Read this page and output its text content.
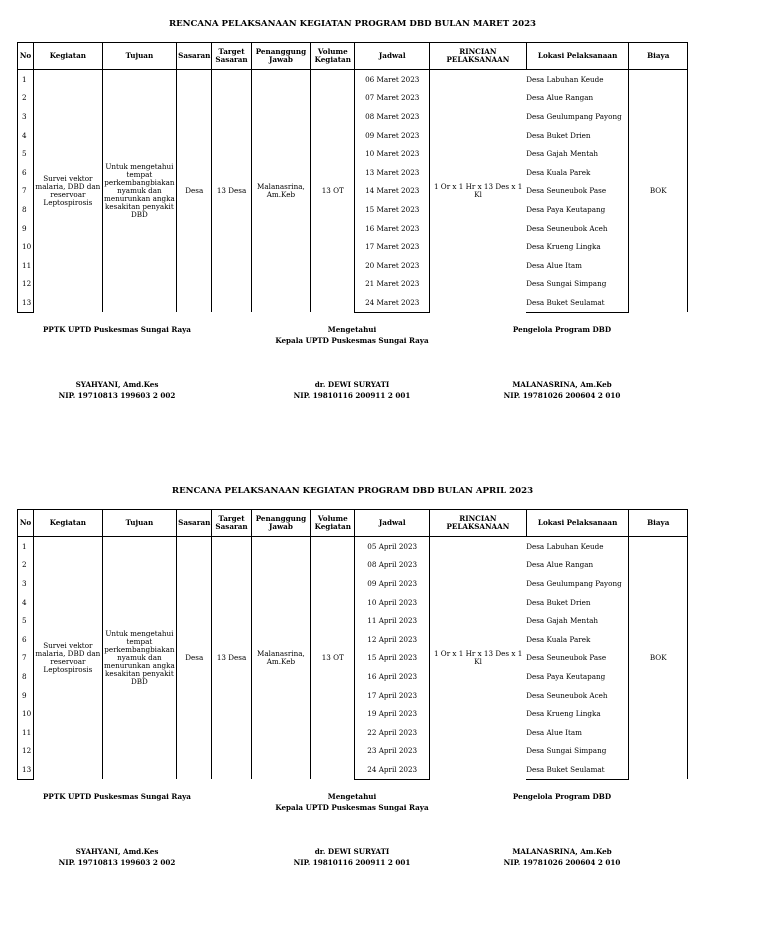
RENCANA PELAKSANAAN KEGIATAN PROGRAM DBD BULAN MARET 2023
No	Kegiatan	Tujuan	Sasaran	Target Sasaran	Penanggung Jawab	Volume Kegiatan	Jadwal	RINCIAN PELAKSANAAN	Lokasi Pelaksanaan	Biaya
1	Survei vektor malaria, DBD dan reservoar Leptospirosis	Untuk mengetahui tempat perkembangbiakan nyamuk dan menurunkan angka kesakitan penyakit DBD	Desa	13 Desa	Malanasrina, Am.Keb	13 OT	06 Maret 2023	1 Or x 1 Hr x 13 Des x 1 Kl	Desa Labuhan Keude	BOK
2							07 Maret 2023		Desa Alue Rangan	
3							08 Maret 2023		Desa Geulumpang Payong	
4							09 Maret 2023		Desa Buket Drien	
5							10 Maret 2023		Desa Gajah Mentah	
6							13 Maret 2023		Desa Kuala Parek	
7							14 Maret 2023		Desa Seuneubok Pase	
8							15 Maret 2023		Desa Paya Keutapang	
9							16 Maret 2023		Desa Seuneubok Aceh	
10							17 Maret 2023		Desa Krueng Lingka	
11							20 Maret 2023		Desa Alue Itam	
12							21 Maret 2023		Desa Sungai Simpang	
13							24 Maret 2023		Desa Buket Seulamat	
PPTK UPTD Puskesmas Sungai Raya	Mengetahui
Kepala UPTD Puskesmas Sungai Raya
Pengelola Program DBD
SYAHYANI, Amd.Kes
NIP. 19710813 199603 2 002
dr. DEWI SURYATI
NIP. 19810116 200911 2 001
MALANASRINA, Am.Keb
NIP. 19781026 200604 2 010
RENCANA PELAKSANAAN KEGIATAN PROGRAM DBD BULAN APRIL 2023
No	Kegiatan	Tujuan	Sasaran	Target Sasaran	Penanggung Jawab	Volume Kegiatan	Jadwal	RINCIAN PELAKSANAAN	Lokasi Pelaksanaan	Biaya
1	Survei vektor malaria, DBD dan reservoar Leptospirosis	Untuk mengetahui tempat perkembangbiakan nyamuk dan menurunkan angka kesakitan penyakit DBD	Desa	13 Desa	Malanasrina, Am.Keb	13 OT	05 April 2023	1 Or x 1 Hr x 13 Des x 1 Kl	Desa Labuhan Keude	BOK
2							08 April 2023		Desa Alue Rangan	
3							09 April 2023		Desa Geulumpang Payong	
4							10 April 2023		Desa Buket Drien	
5							11 April 2023		Desa Gajah Mentah	
6							12 April 2023		Desa Kuala Parek	
7							15 April 2023		Desa Seuneubok Pase	
8							16 April 2023		Desa Paya Keutapang	
9							17 April 2023		Desa Seuneubok Aceh	
10							19 April 2023		Desa Krueng Lingka	
11							22 April 2023		Desa Alue Itam	
12							23 April 2023		Desa Sungai Simpang	
13							24 April 2023		Desa Buket Seulamat	
PPTK UPTD Puskesmas Sungai Raya	Mengetahui
Kepala UPTD Puskesmas Sungai Raya
Pengelola Program DBD
SYAHYANI, Amd.Kes
NIP. 19710813 199603 2 002
dr. DEWI SURYATI
NIP. 19810116 200911 2 001
MALANASRINA, Am.Keb
NIP. 19781026 200604 2 010
